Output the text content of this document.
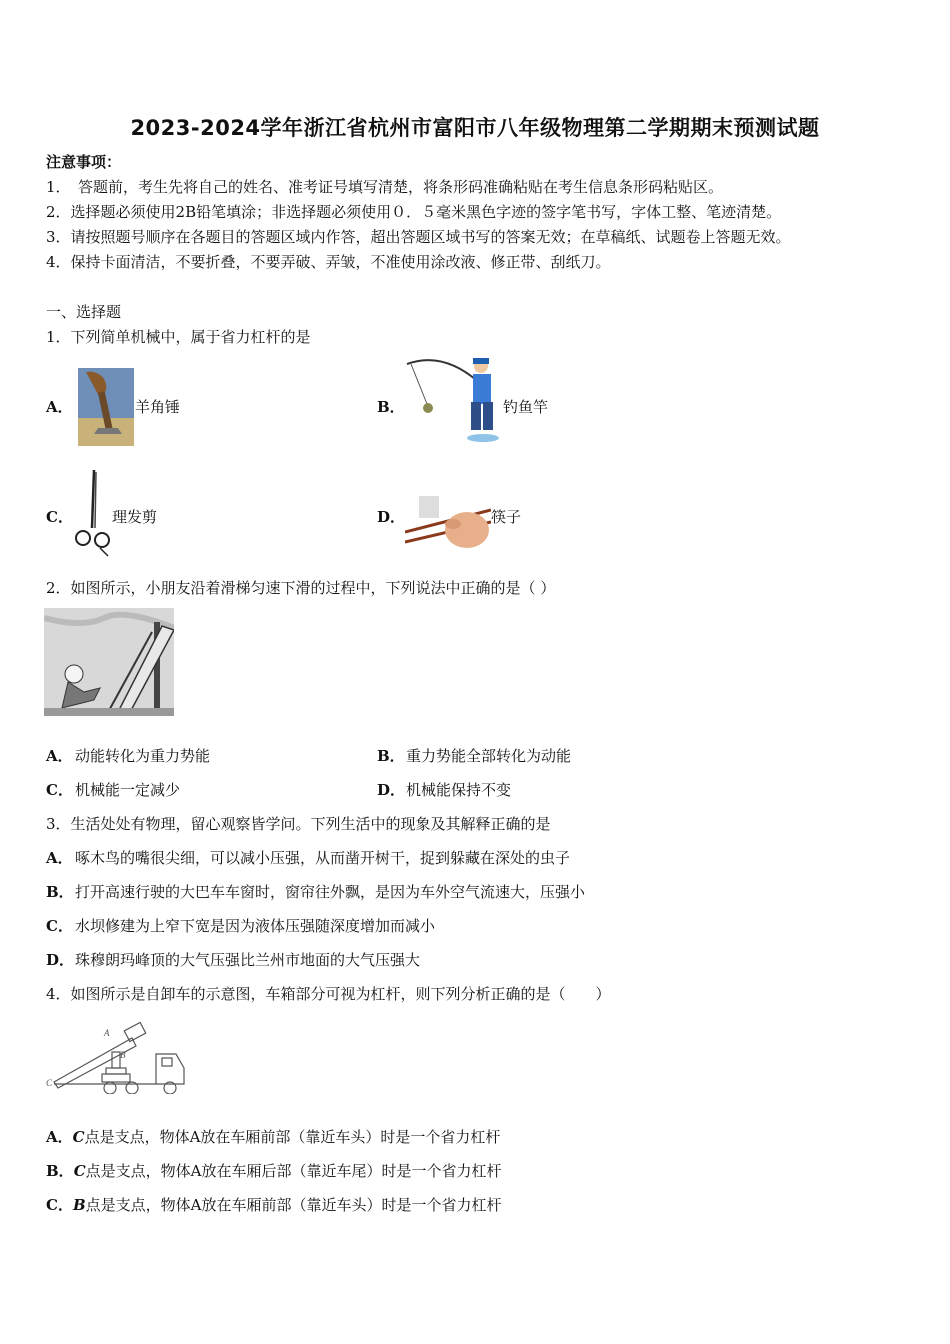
2023-2024学年浙江省杭州市富阳市八年级物理第二学期期末预测试题
注意事项：
1．　答题前，考生先将自己的姓名、准考证号填写清楚，将条形码准确粘贴在考生信息条形码粘贴区。
2．选择题必须使用2B铅笔填涂；非选择题必须使用０．５毫米黑色字迹的签字笔书写，字体工整、笔迹清楚。
3．请按照题号顺序在各题目的答题区域内作答，超出答题区域书写的答案无效；在草稿纸、试题卷上答题无效。
4．保持卡面清洁，不要折叠，不要弄破、弄皱，不准使用涂改液、修正带、刮纸刀。
一、选择题
1．下列简单机械中，属于省力杠杆的是
A．	羊角锤	B．	钓鱼竿
C．	理发剪	D．	筷子
2．如图所示，小朋友沿着滑梯匀速下滑的过程中，下列说法中正确的是（ ）
A． 动能转化为重力势能	B． 重力势能全部转化为动能
C． 机械能一定减少	D． 机械能保持不变
3．生活处处有物理，留心观察皆学问。下列生活中的现象及其解释正确的是
A． 啄木鸟的嘴很尖细，可以减小压强，从而凿开树干，捉到躲藏在深处的虫子
B． 打开高速行驶的大巴车车窗时，窗帘往外飘，是因为车外空气流速大，压强小
C． 水坝修建为上窄下宽是因为液体压强随深度增加而减小
D． 珠穆朗玛峰顶的大气压强比兰州市地面的大气压强大
4．如图所示是自卸车的示意图，车箱部分可视为杠杆，则下列分析正确的是（　　）
A
B
C
A．C点是支点，物体A放在车厢前部（靠近车头）时是一个省力杠杆
B．C点是支点，物体A放在车厢后部（靠近车尾）时是一个省力杠杆
C．B点是支点，物体A放在车厢前部（靠近车头）时是一个省力杠杆
